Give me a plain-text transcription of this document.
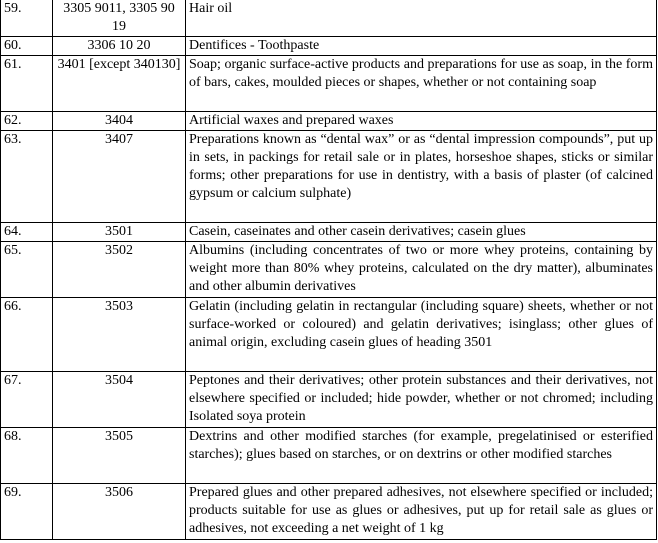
59.	3305 9011, 3305 90 19	Hair oil
60.	3306 10 20	Dentifices - Toothpaste
61.	3401 [except 340130]	Soap; organic surface-active products and preparations for use as soap, in the form of bars, cakes, moulded pieces or shapes, whether or not containing soap
62.	3404	Artificial waxes and prepared waxes
63.	3407	Preparations known as “dental wax” or as “dental impression compounds”, put up in sets, in packings for retail sale or in plates, horseshoe shapes, sticks or similar forms; other preparations for use in dentistry, with a basis of plaster (of calcined gypsum or calcium sulphate)
64.	3501	Casein, caseinates and other casein derivatives; casein glues
65.	3502	Albumins (including concentrates of two or more whey proteins, containing by weight more than 80% whey proteins, calculated on the dry matter), albuminates and other albumin derivatives
66.	3503	Gelatin (including gelatin in rectangular (including square) sheets, whether or not surface-worked or coloured) and gelatin derivatives; isinglass; other glues of animal origin, excluding casein glues of heading 3501
67.	3504	Peptones and their derivatives; other protein substances and their derivatives, not elsewhere specified or included; hide powder, whether or not chromed; including Isolated soya protein
68.	3505	Dextrins and other modified starches (for example, pregelatinised or esterified starches); glues based on starches, or on dextrins or other modified starches
69.	3506	Prepared glues and other prepared adhesives, not elsewhere specified or included; products suitable for use as glues or adhesives, put up for retail sale as glues or adhesives, not exceeding a net weight of 1 kg
